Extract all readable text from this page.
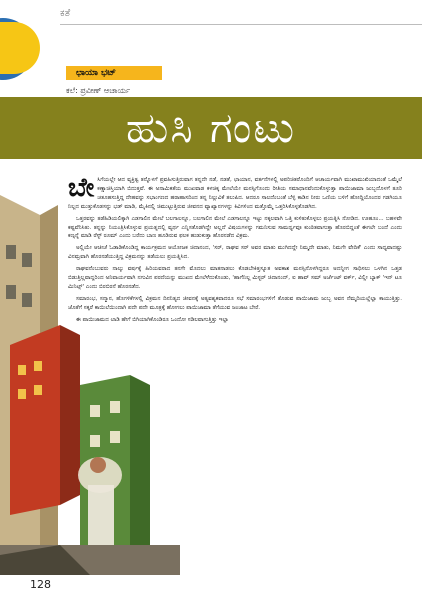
ಕತೆ
ಛಾಯಾ ಭಟ್
ಕಲೆ: ಪ್ರವೀಣ್ ಆಚಾರ್ಯ
ಹುಸಿ ಗಂಟು

ಬೇಸಿಗೆಯಲ್ಲೇ ಆದ ವ್ಯಕ್ತಿತ್ವ ತನ್ನೊಳಗೆ ಪ್ರವಹಿಸುತ್ತಿರುವಾಗ ತನ್ನದೇ ನಡೆ, ನಡತೆ, ಛಾಯಾನ, ವರ್ತನೆಗಳಲ್ಲಿ ಅಪರಿಚಿತರೊಂದಿಗೆ ಆಚಾರ್ಯವಾಗಿ ಮುಖಾಮುಖಿಯಾದಂತೆ ಒಮ್ಮೆಲೆ ಕಣ್ಣಾಚಿಸ್ತಿಯಾಗಿ ಬಿದುತ್ತವೆ. ಈ ಅನಾಮಿಕತೆಯ ಮುಖವಾಡ ಕಳಚಿಕ್ಕ ಮೇಲೆಯೇ ಮನಸ್ಸಿಗೊಂದು ರೀತಿಯ ಸಮಾಧಾನವೆಂದುಕೊಳ್ಳುತ್ತಾ ಪಾಯಿಜಾಮಾ ಜುಬ್ಬದೊಳಗೆ ತೂರಿ ಚತೂಹಸುತ್ತಿದ್ದ ದೇಹವನ್ನು ಸಭಾಂಗಣದ ಹರಾಹಾಸದಿಂದ ತನ್ನ ನಿಲ್ಲುವಿಕೆ ತಲುಪಿದ. ಆದರೂ ಸಾಲದೆಂಬಂತೆ ಬೆಳ್ಳಿ ಕಾಡಿನ ನೀರು ಒಣಿಯ ಬಳಿಗೆ ಹೋದ್ದಿಯೊಂದರ ಗಡಗಿಯೂ ನಿಲ್ಲದ ಮುತ್ತುಕೊಡಸನ್ನು ಭಡ್ ಮಾಡಿ, ಮೈಕಿನಲ್ಲಿ ಚಿಮುಟ್ಟುತ್ತಿರುವ ಜೀವನದ ವ್ಯಾಖ್ಯಾನಗಳನ್ನು ಕಿವಿಗಳಿಂದ ಮತ್ತೊಮ್ಮೆ ಒತ್ತರಿಸಿಕೊಳ್ಳತೊಡಗಿದ.

ಒತ್ತರವನ್ನು ತಡೆಹಿಡಿಯಲಿಕ್ಕಾಗಿ ಎಡಗಾಲಿನ ಮೇಲೆ ಬಲಗಾಲನ್ನೂ, ಬಲಗಾಲಿನ ಮೇಲೆ ಎಡಗಾಲನ್ನೂ ಇಟ್ಟು ನಕ್ಕಲವಾಗಿ ಒತ್ತಿ ಕುಳಿತುಕೊಳ್ಳಲು ಪ್ರಯತ್ನಿಸಿ ನೋಡಿದ. ಊಹೂಂ... ಬಹಳವೇ ಕಷ್ಟವೆನಿಸಿತು. ತನ್ನನ್ನು ನಿಯಂತ್ರಿಸಿಕೊಳ್ಳುವ ಪ್ರಯತ್ನದಲ್ಲಿ ವ್ಯರ್ಥ ಎನ್ನಿಸತೊಡಗಿದ್ದೇ ಅಲ್ಲದೆ ವಿಷಯಗಳನ್ನು ಗಮನಿಸುವ ಸಾಮರ್ಥ್ಯವೂ ಕುಂಠಿತವಾಗುತ್ತಾ ಹೊರಬಿದ್ದಂತೆ ಈಗಲೇ ಬಂದೆ ಎಂದು ಕಣ್ಸನ್ನೆ ಮಾಡಿ ರೆಸ್ಟ್ ರೂಮ್ ಎಂದು ಬರೆದು ಬಾಣ ಹೂಡಿರುವ ಫಲಕ ಹುಡುಕುತ್ತಾ ಹೊರನಡೆದ ವಿಕ್ರಮ.

ಅಲ್ಲಿಯೇ ಆಚೀಚೆ ಓಡಾಡಿಕೊಂಡಿದ್ದ ಕಾರ್ಯಕ್ರಮದ ಆಯೋಜಕ ಚಿದಾನಂದ, 'ಸರ್, ರಾಘವ ಸರ್ ಅವರ ಮಾತು ಮುಗಿದದ್ದೇ ನಿಮ್ಮದೇ ಮಾತು, ನಿಮಗೇ ವೇದಿಕೆ' ಎಂದು ಸಾಧ್ಯವಾದಷ್ಟು ವಿನಮ್ರವಾಗಿ ಹೊರನಡೆಯುತ್ತಿದ್ದ ವಿಕ್ರಮನನ್ನು ತಡೆಯಲು ಪ್ರಯತ್ನಿಸಿದ.

ರಾಘವನೆಂಬುವರು ನಾಲ್ಕು ವರ್ಷಕ್ಕೆ ಹಿರಿಯವರಾದ ತನಗೇ ಮೊದಲು ಮಾತನಾಡಲು ಕೊಡಬೇಕಿತ್ತಸ್ಯೂತ ಅವಕಾಶ ಮನಸ್ಸಿನೊಳಗಿದ್ದರೂ ಅದನ್ನೀಗ ಸಾಧಿಸಲು ಒಳಗಿನ ಒತ್ತಡ ಬಿಡುತ್ತಿಲ್ಲವಾದ್ದರಿಂದ ಅನಿವಾರ್ಯವಾಗಿ ನಗುವಿನ ಪರದೆಯನ್ನು ಮುಖದ ಮೇಲೆಳೆದುಕೊಂಡು, 'ಹಾಗೆನಿಲ್ಲ ಮಿಸ್ಟರ್ ಚಿದಾನಂದ್, ಐ ಹಾವ್ ಸಮ್ ಅರ್ಜೆಂಟ್ ವರ್ಕ್, ವಿಲ್ಲೀ ಬ್ಯಾಕ್ 'ಇನ್ ಟೂ ಮಿನಿಟ್ಸ್' ಎಂದು ಬಿರಬಿರನೆ ಹೊರನಡೆದ.

ಸಮಾರಂಭ, ಸನ್ಮಾನ, ಹೊಗಳಿಕೆಗಳಲ್ಲಿ ವಿಕ್ರಮನ ದಿನನಿತ್ಯದ ಜೀವನಕ್ಕೆ ಅತ್ಯವಶ್ಯಕವಾದರೂ ಸಭೆ ಸಮಾರಂಭಗಳಿಗೆ ತೊಡುವ ಪಾಯಿಜಾಮ ಜುಬ್ಬ ಅವನ ನೆಮ್ಮದಿಯಲ್ಲೆಲ್ಲಾ ಕಾಯುತ್ತಿತ್ತು. ಜೊತೆಗೆ ಸಕ್ಕರೆ ಕಾಯಿಲೆಯಿಂದಾಗಿ ಪದೇ ಪದೇ ಮೂತ್ರಕ್ಕೆ ಹೋಗಲು ಪಾಯಿಜಾಮಾ ತೆಗೆಯುವ ಜಂಜಾಟ ಬೇರೆ.

ಈ ಪಾಯಿಜಾಮದ ಲಾಡಿ ಹೇಗೆ ಬಿಗಿಯಾಗಿಕೊಂಡಿರೂ ಒಂದೋ ಸಡಿಲವಾಗುತ್ತಿತ್ತು ಇಲ್ಲಾ

128
